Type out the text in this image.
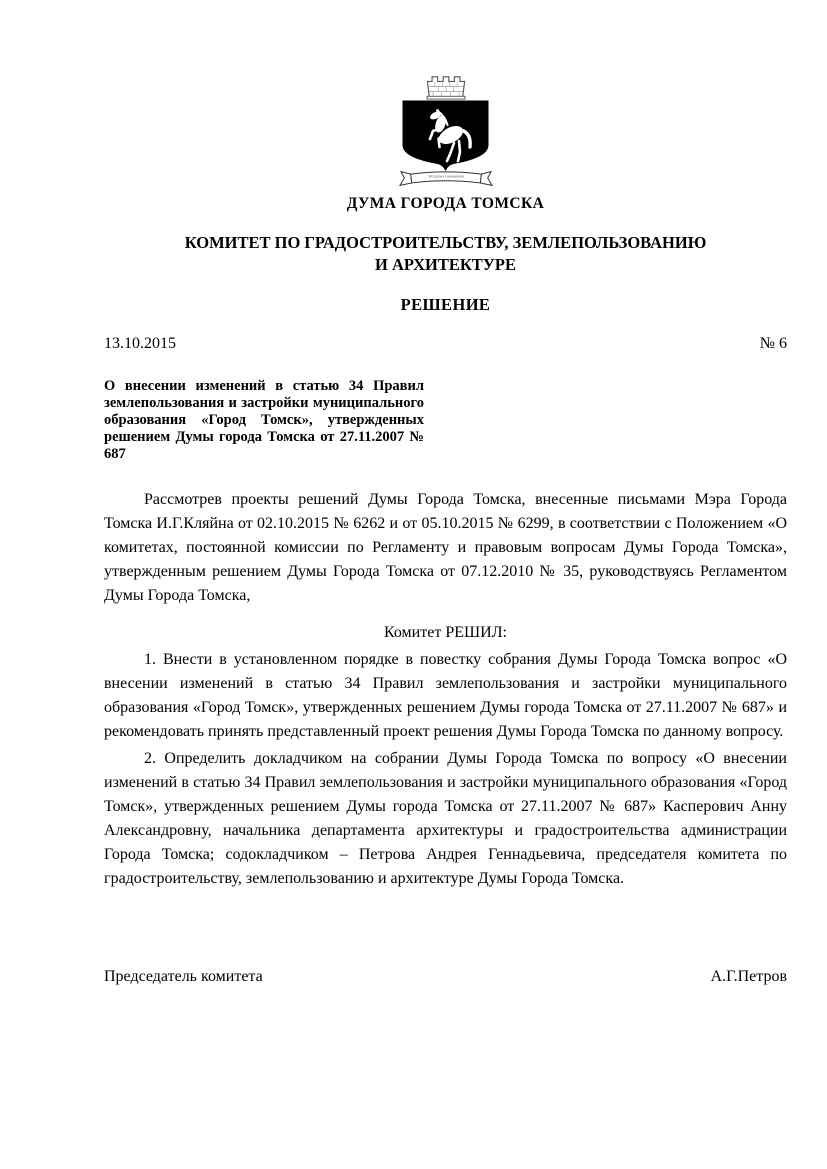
ТРУДОМ И ЗНАНИЕМ
ДУМА ГОРОДА ТОМСКА
КОМИТЕТ ПО ГРАДОСТРОИТЕЛЬСТВУ, ЗЕМЛЕПОЛЬЗОВАНИЮ
И АРХИТЕКТУРЕ
РЕШЕНИЕ
13.10.2015	№ 6

О внесении изменений в статью 34 Правил землепользования и застройки муниципального образования «Город Томск», утвержденных решением Думы города Томска от 27.11.2007 № 687

Рассмотрев проекты решений Думы Города Томска, внесенные письмами Мэра Города Томска И.Г.Кляйна от 02.10.2015 № 6262 и от 05.10.2015 № 6299, в соответствии с Положением «О комитетах, постоянной комиссии по Регламенту и правовым вопросам Думы Города Томска», утвержденным решением Думы Города Томска от 07.12.2010 № 35, руководствуясь Регламентом Думы Города Томска,

Комитет РЕШИЛ:

1. Внести в установленном порядке в повестку собрания Думы Города Томска вопрос «О внесении изменений в статью 34 Правил землепользования и застройки муниципального образования «Город Томск», утвержденных решением Думы города Томска от 27.11.2007 № 687» и рекомендовать принять представленный проект решения Думы Города Томска по данному вопросу.

2. Определить докладчиком на собрании Думы Города Томска по вопросу «О внесении изменений в статью 34 Правил землепользования и застройки муниципального образования «Город Томск», утвержденных решением Думы города Томска от 27.11.2007 № 687» Касперович Анну Александровну, начальника департамента архитектуры и градостроительства администрации Города Томска; содокладчиком – Петрова Андрея Геннадьевича, председателя комитета по градостроительству, землепользованию и архитектуре Думы Города Томска.

Председатель комитета	А.Г.Петров
